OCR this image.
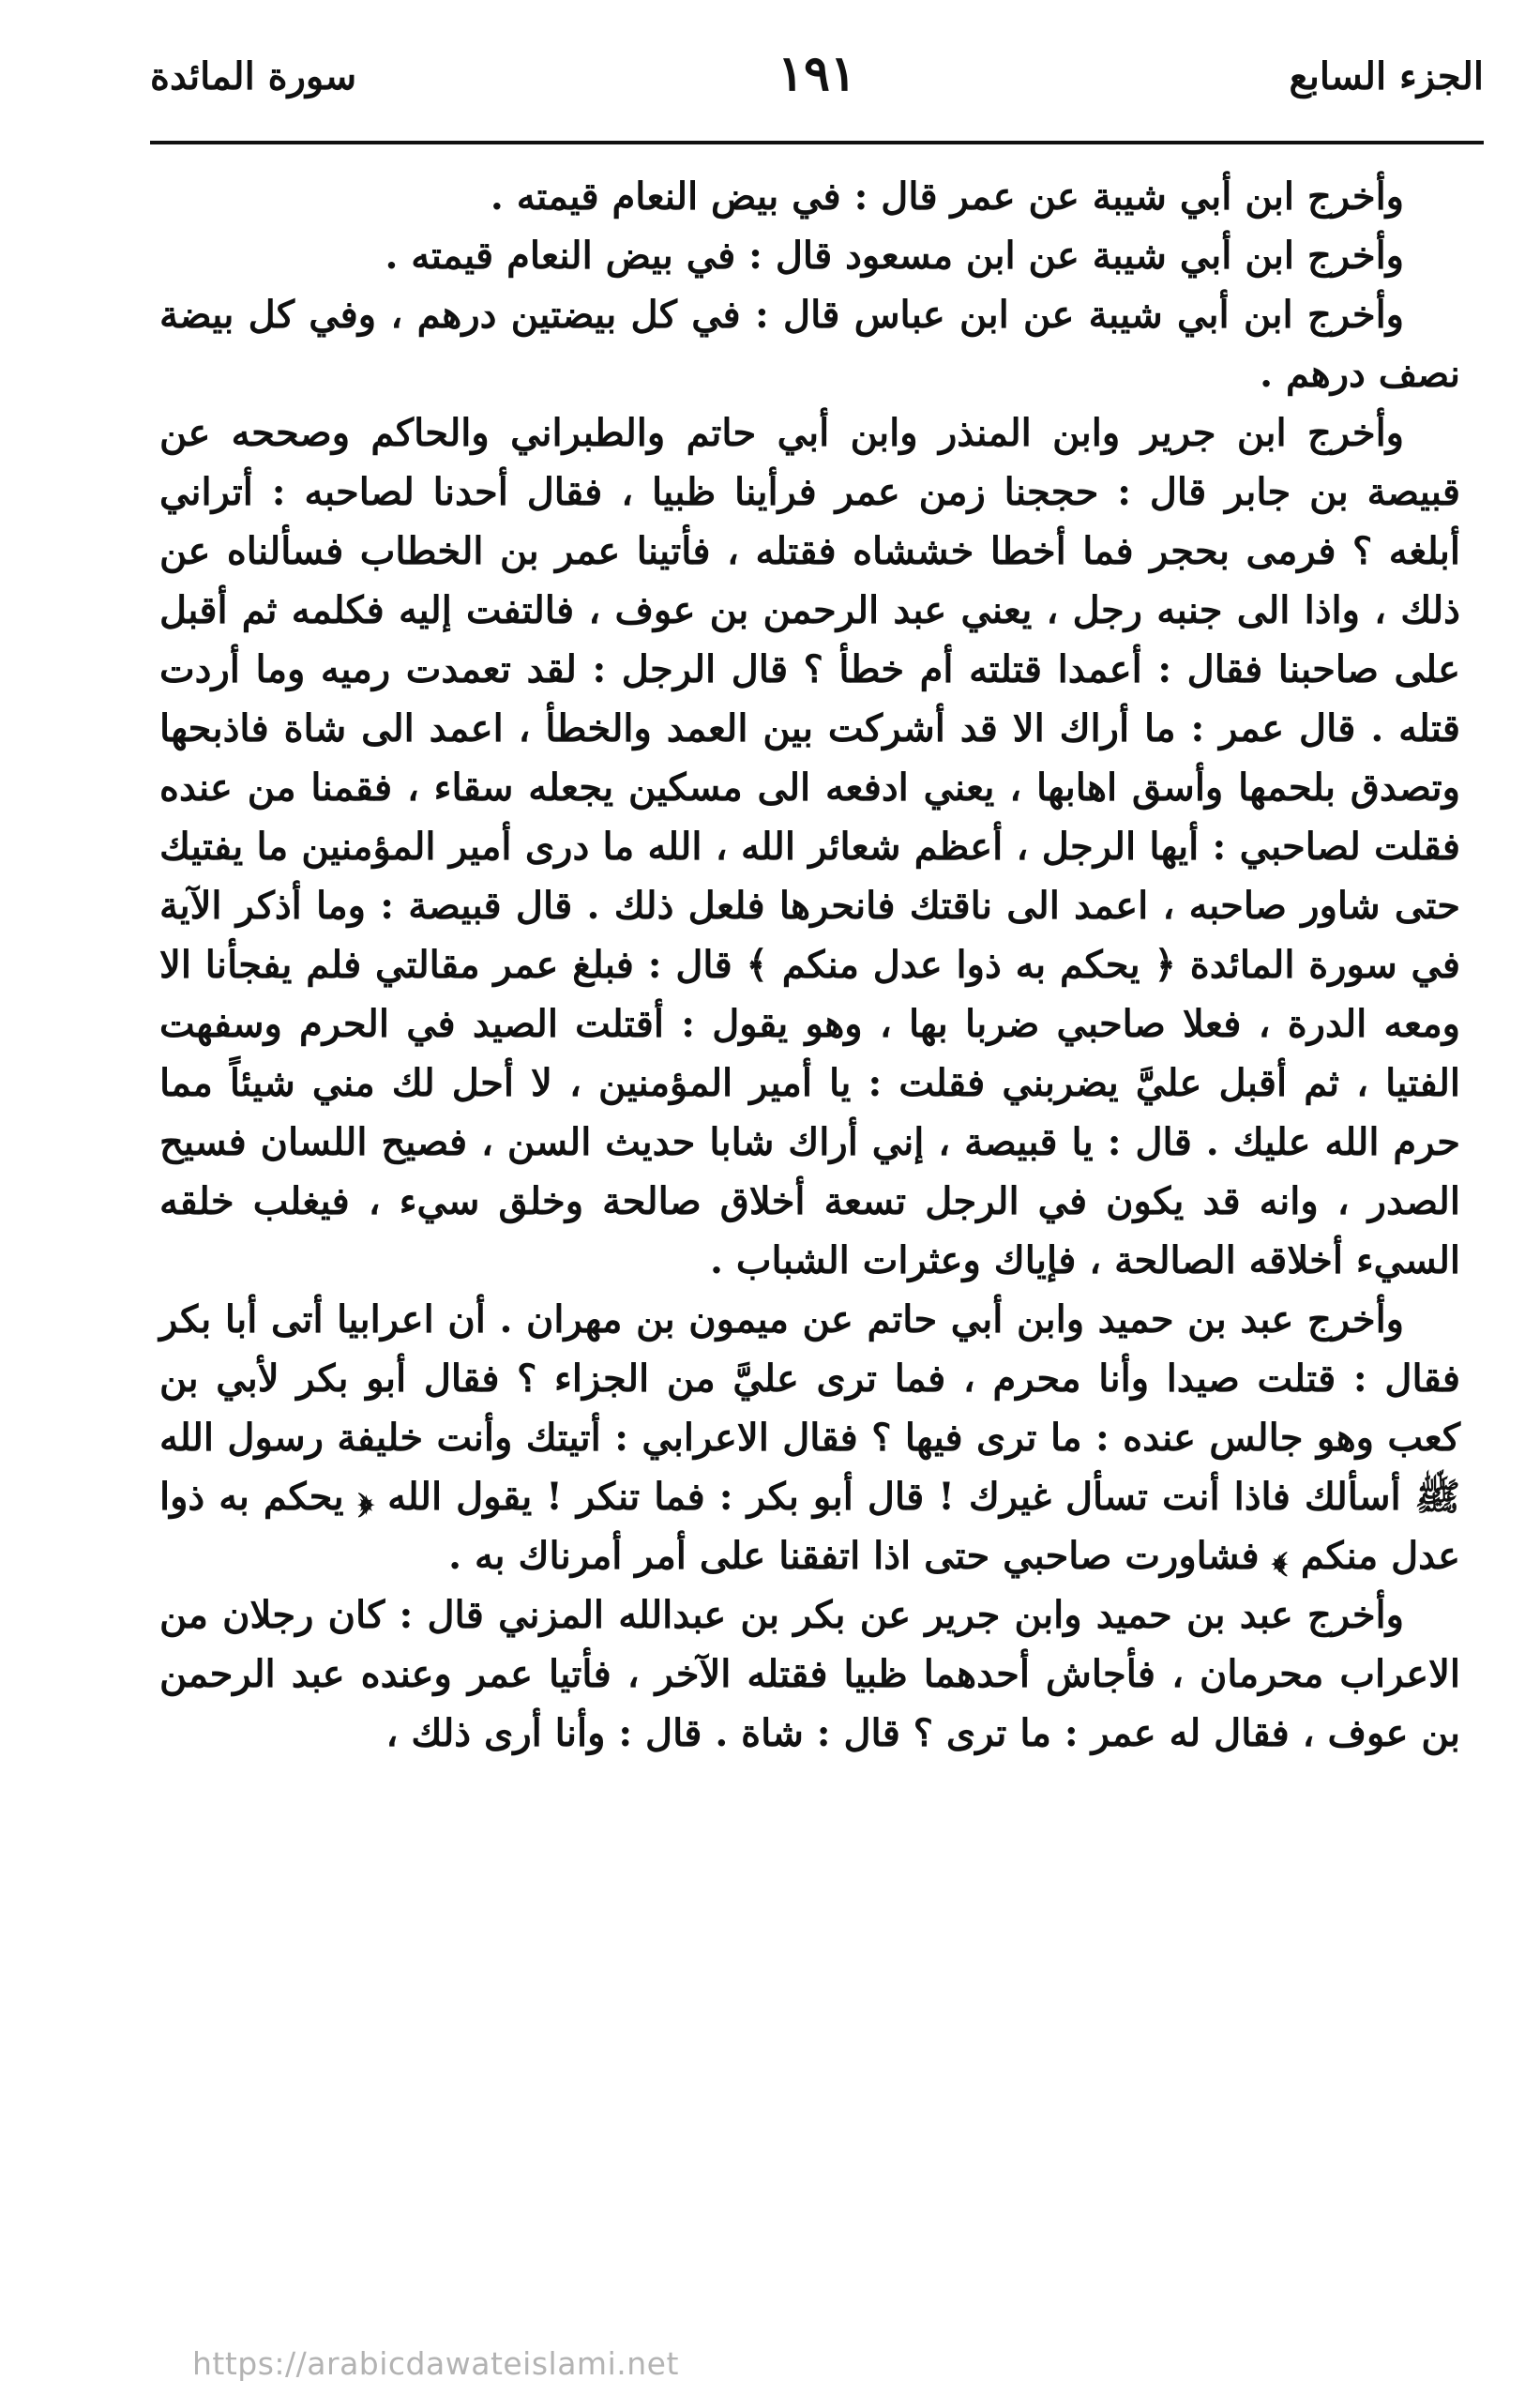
الجزء السابع
١٩١
سورة المائدة

وأخرج ابن أبي شيبة عن عمر قال : في بيض النعام قيمته .

وأخرج ابن أبي شيبة عن ابن مسعود قال : في بيض النعام قيمته .

وأخرج ابن أبي شيبة عن ابن عباس قال : في كل بيضتين درهم ، وفي كل بيضة نصف درهم .

وأخرج ابن جرير وابن المنذر وابن أبي حاتم والطبراني والحاكم وصححه عن قبيصة بن جابر قال : حججنا زمن عمر فرأينا ظبيا ، فقال أحدنا لصاحبه : أتراني أبلغه ؟ فرمى بحجر فما أخطا خششاه فقتله ، فأتينا عمر بن الخطاب فسألناه عن ذلك ، واذا الى جنبه رجل ، يعني عبد الرحمن بن عوف ، فالتفت إليه فكلمه ثم أقبل على صاحبنا فقال : أعمدا قتلته أم خطأ ؟ قال الرجل : لقد تعمدت رميه وما أردت قتله . قال عمر : ما أراك الا قد أشركت بين العمد والخطأ ، اعمد الى شاة فاذبحها وتصدق بلحمها وأسق اهابها ، يعني ادفعه الى مسكين يجعله سقاء ، فقمنا من عنده فقلت لصاحبي : أيها الرجل ، أعظم شعائر الله ، الله ما درى أمير المؤمنين ما يفتيك حتى شاور صاحبه ، اعمد الى ناقتك فانحرها فلعل ذلك . قال قبيصة : وما أذكر الآية في سورة المائدة ﴿ يحكم به ذوا عدل منكم ﴾ قال : فبلغ عمر مقالتي فلم يفجأنا الا ومعه الدرة ، فعلا صاحبي ضربا بها ، وهو يقول : أقتلت الصيد في الحرم وسفهت الفتيا ، ثم أقبل عليَّ يضربني فقلت : يا أمير المؤمنين ، لا أحل لك مني شيئاً مما حرم الله عليك . قال : يا قبيصة ، إني أراك شابا حديث السن ، فصيح اللسان فسيح الصدر ، وانه قد يكون في الرجل تسعة أخلاق صالحة وخلق سيء ، فيغلب خلقه السيء أخلاقه الصالحة ، فإياك وعثرات الشباب .

وأخرج عبد بن حميد وابن أبي حاتم عن ميمون بن مهران . أن اعرابيا أتى أبا بكر فقال : قتلت صيدا وأنا محرم ، فما ترى عليَّ من الجزاء ؟ فقال أبو بكر لأبي بن كعب وهو جالس عنده : ما ترى فيها ؟ فقال الاعرابي : أتيتك وأنت خليفة رسول الله ﷺ أسألك فاذا أنت تسأل غيرك ! قال أبو بكر : فما تنكر ! يقول الله ﴿ يحكم به ذوا عدل منكم ﴾ فشاورت صاحبي حتى اذا اتفقنا على أمر أمرناك به .

وأخرج عبد بن حميد وابن جرير عن بكر بن عبدالله المزني قال : كان رجلان من الاعراب محرمان ، فأجاش أحدهما ظبيا فقتله الآخر ، فأتيا عمر وعنده عبد الرحمن بن عوف ، فقال له عمر : ما ترى ؟ قال : شاة . قال : وأنا أرى ذلك ،

https://arabicdawateislami.net
